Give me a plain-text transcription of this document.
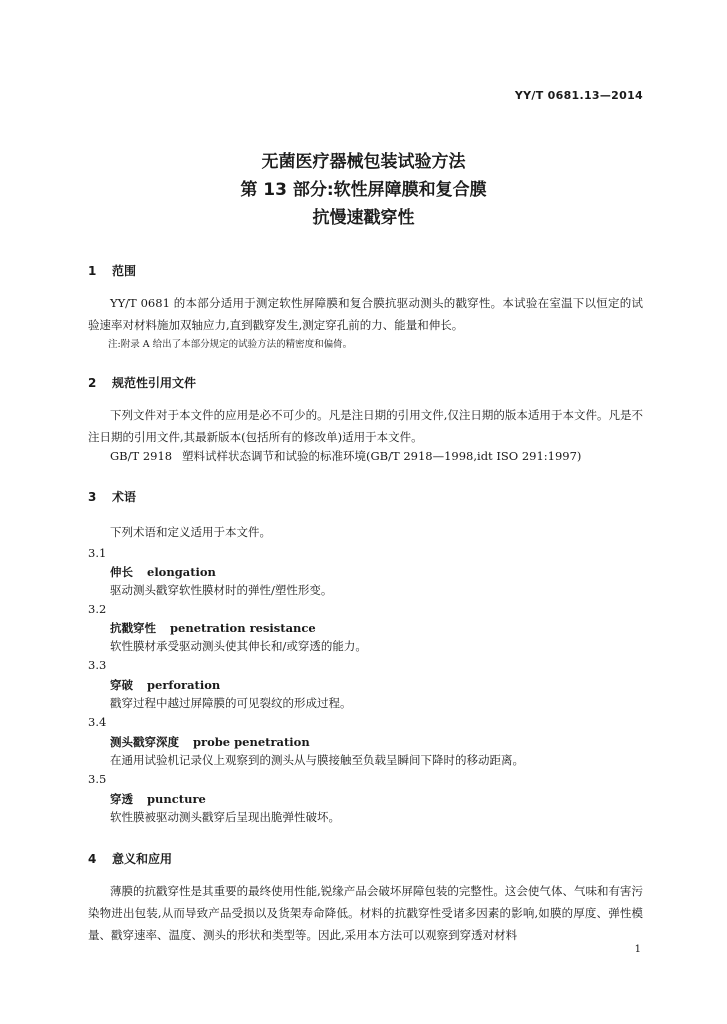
YY/T 0681.13—2014
无菌医疗器械包装试验方法
第 13 部分:软性屏障膜和复合膜
抗慢速戳穿性
1 范围
YY/T 0681 的本部分适用于测定软性屏障膜和复合膜抗驱动测头的戳穿性。本试验在室温下以恒定的试验速率对材料施加双轴应力,直到戳穿发生,测定穿孔前的力、能量和伸长。
注:附录 A 给出了本部分规定的试验方法的精密度和偏倚。
2 规范性引用文件
下列文件对于本文件的应用是必不可少的。凡是注日期的引用文件,仅注日期的版本适用于本文件。凡是不注日期的引用文件,其最新版本(包括所有的修改单)适用于本文件。
GB/T 2918 塑料试样状态调节和试验的标准环境(GB/T 2918—1998,idt ISO 291:1997)
3 术语
下列术语和定义适用于本文件。
3.1
伸长 elongation
驱动测头戳穿软性膜材时的弹性/塑性形变。
3.2
抗戳穿性 penetration resistance
软性膜材承受驱动测头使其伸长和/或穿透的能力。
3.3
穿破 perforation
戳穿过程中越过屏障膜的可见裂纹的形成过程。
3.4
测头戳穿深度 probe penetration
在通用试验机记录仪上观察到的测头从与膜接触至负载呈瞬间下降时的移动距离。
3.5
穿透 puncture
软性膜被驱动测头戳穿后呈现出脆弹性破坏。
4 意义和应用
薄膜的抗戳穿性是其重要的最终使用性能,锐缘产品会破坏屏障包装的完整性。这会使气体、气味和有害污染物进出包装,从而导致产品受损以及货架寿命降低。材料的抗戳穿性受诸多因素的影响,如膜的厚度、弹性模量、戳穿速率、温度、测头的形状和类型等。因此,采用本方法可以观察到穿透对材料
1
